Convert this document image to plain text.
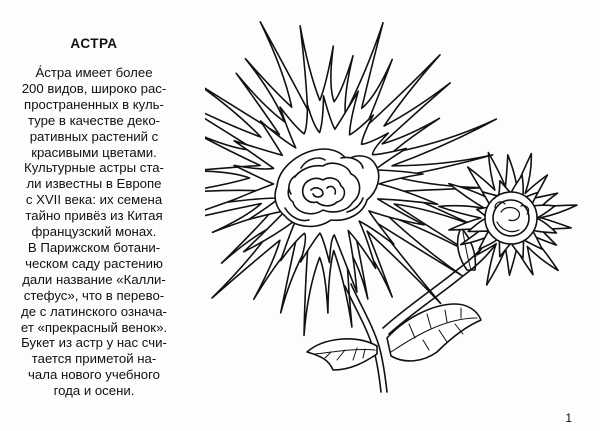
АСТРА
А́стра имеет более
200 видов, широко рас-
пространенных в куль-
туре в качестве деко-
ративных растений с
красивыми цветами.
Культурные астры ста-
ли известны в Европе
с XVII века: их семена
тайно привёз из Китая
французский монах.
В Парижском ботани-
ческом саду растению
дали название «Калли-
стефус», что в перево-
де с латинского означа-
ет «прекрасный венок».
Букет из астр у нас счи-
тается приметой на-
чала нового учебного
года и осени.
1
